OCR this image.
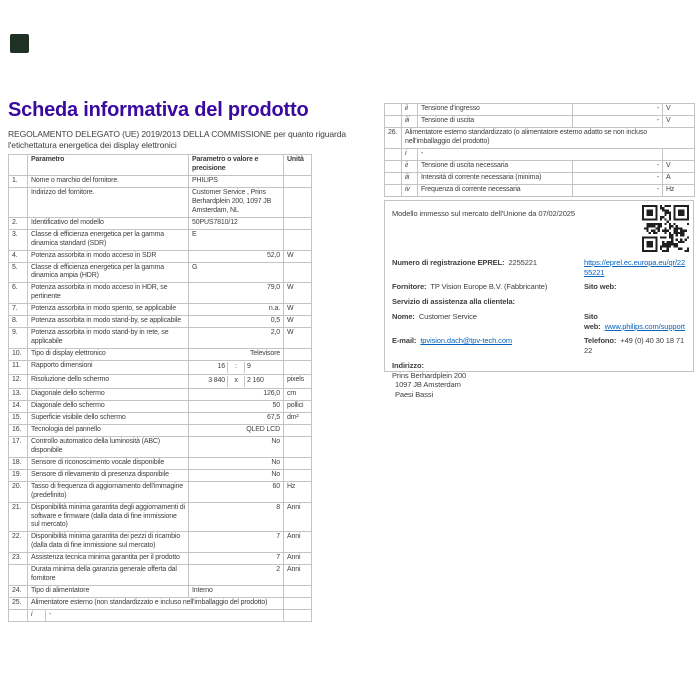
Scheda informativa del prodotto

REGOLAMENTO DELEGATO (UE) 2019/2013 DELLA COMMISSIONE per quanto riguarda l'etichettatura energetica dei display elettronici

	Parametro		Parametro o valore e precisione	Unità
1.	Nome o marchio del fornitore.		PHILIPS	
	Indirizzo del fornitore.		Customer Service , Prins Berhardplein 200, 1097 JB Amsterdam, NL	
2.	Identificativo del modello		50PUS7810/12	
3.	Classe di efficienza energetica per la gamma dinamica standard (SDR)		E	
4.	Potenza assorbita in modo acceso in SDR		52,0	W
5.	Classe di efficienza energetica per la gamma dinamica ampia (HDR)		G	
6.	Potenza assorbita in modo acceso in HDR, se pertinente		79,0	W
7.	Potenza assorbita in modo spento, se applicabile		n.a.	W
8.	Potenza assorbita in modo stand-by, se applicabile		0,5	W
9.	Potenza assorbita in modo stand-by in rete, se applicabile		2,0	W
10.	Tipo di display elettronico		Televisore	
11.	Rapporto dimensioni		16 : 9	

12.	Risoluzione dello schermo		3 840 x 2 160	pixels
13.	Diagonale dello schermo		126,0	cm
14.	Diagonale dello schermo		50	pollici
15.	Superficie visibile dello schermo		67,5	dm²
16.	Tecnologia del pannello		QLED LCD	
17.	Controllo automatico della luminosità (ABC) disponibile		No	
18.	Sensore di riconoscimento vocale disponibile		No	
19.	Sensore di rilevamento di presenza disponibile		No	
20.	Tasso di frequenza di aggiornamento dell'immagine (predefinito)		60	Hz
21.	Disponibilità minima garantita degli aggiornamenti di software e firmware (dalla data di fine immissione sul mercato)		8	Anni
22.	Disponibilità minima garantita dei pezzi di ricambio (dalla data di fine immissione sul mercato)		7	Anni
23.	Assistenza tecnica minima garantita per il prodotto		7	Anni
	Durata minima della garanzia generale offerta dal fornitore		2	Anni
24.	Tipo di alimentatore		Interno	
25.	Alimentatore esterno (non standardizzato e incluso nell'imballaggio del prodotto)			
	i	-		
	ii	Tensione d'ingresso	-	V
	iii	Tensione di uscita	-	V
26.	Alimentatore esterno standardizzato (o alimentatore esterno adatto se non incluso nell'imballaggio del prodotto)			
	i	-		
	ii	Tensione di uscita necessaria	-	V
	iii	Intensità di corrente necessaria (minima)	-	A
	iv	Frequenza di corrente necessaria	-	Hz
Modello immesso sul mercato dell'Unione da 07/02/2025
Numero di registrazione EPREL: 2255221	https://eprel.ec.europa.eu/qr/2255221
Fornitore: TP Vision Europe B.V. (Fabbricante)	Sito web:
Servizio di assistenza alla clientela:
Nome: Customer Service	Sito web: www.philips.com/support
E-mail: tpvision.dach@tpv-tech.com	Telefono: +49 (0) 40 30 18 71 22
Indirizzo:
Prins Berhardplein 200
1097 JB Amsterdam
Paesi Bassi
